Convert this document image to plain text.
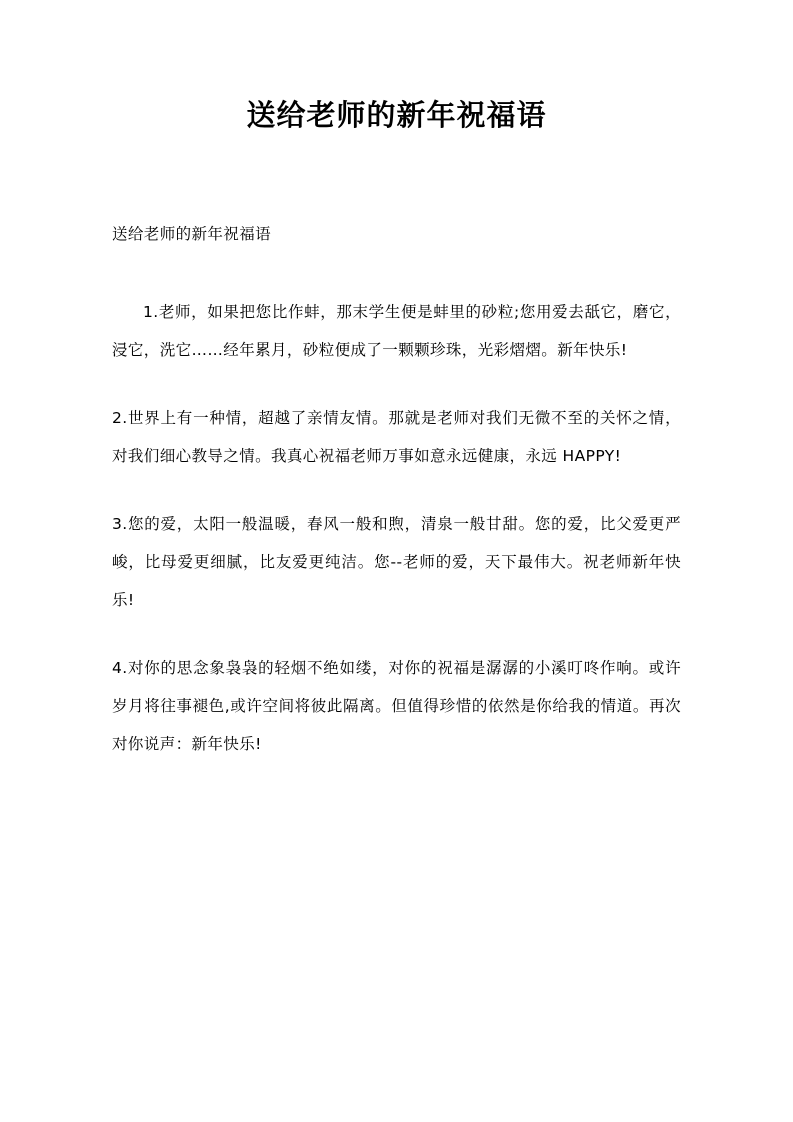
送给老师的新年祝福语

送给老师的新年祝福语

1.老师，如果把您比作蚌，那末学生便是蚌里的砂粒;您用爱去舐它，磨它，浸它，洗它……经年累月，砂粒便成了一颗颗珍珠，光彩熠熠。新年快乐!

2.世界上有一种情，超越了亲情友情。那就是老师对我们无微不至的关怀之情，对我们细心教导之情。我真心祝福老师万事如意永远健康，永远 HAPPY!

3.您的爱，太阳一般温暖，春风一般和煦，清泉一般甘甜。您的爱，比父爱更严峻，比母爱更细腻，比友爱更纯洁。您--老师的爱，天下最伟大。祝老师新年快乐!

4.对你的思念象袅袅的轻烟不绝如缕，对你的祝福是潺潺的小溪叮咚作响。或许岁月将往事褪色,或许空间将彼此隔离。但值得珍惜的依然是你给我的情道。再次对你说声：新年快乐!
